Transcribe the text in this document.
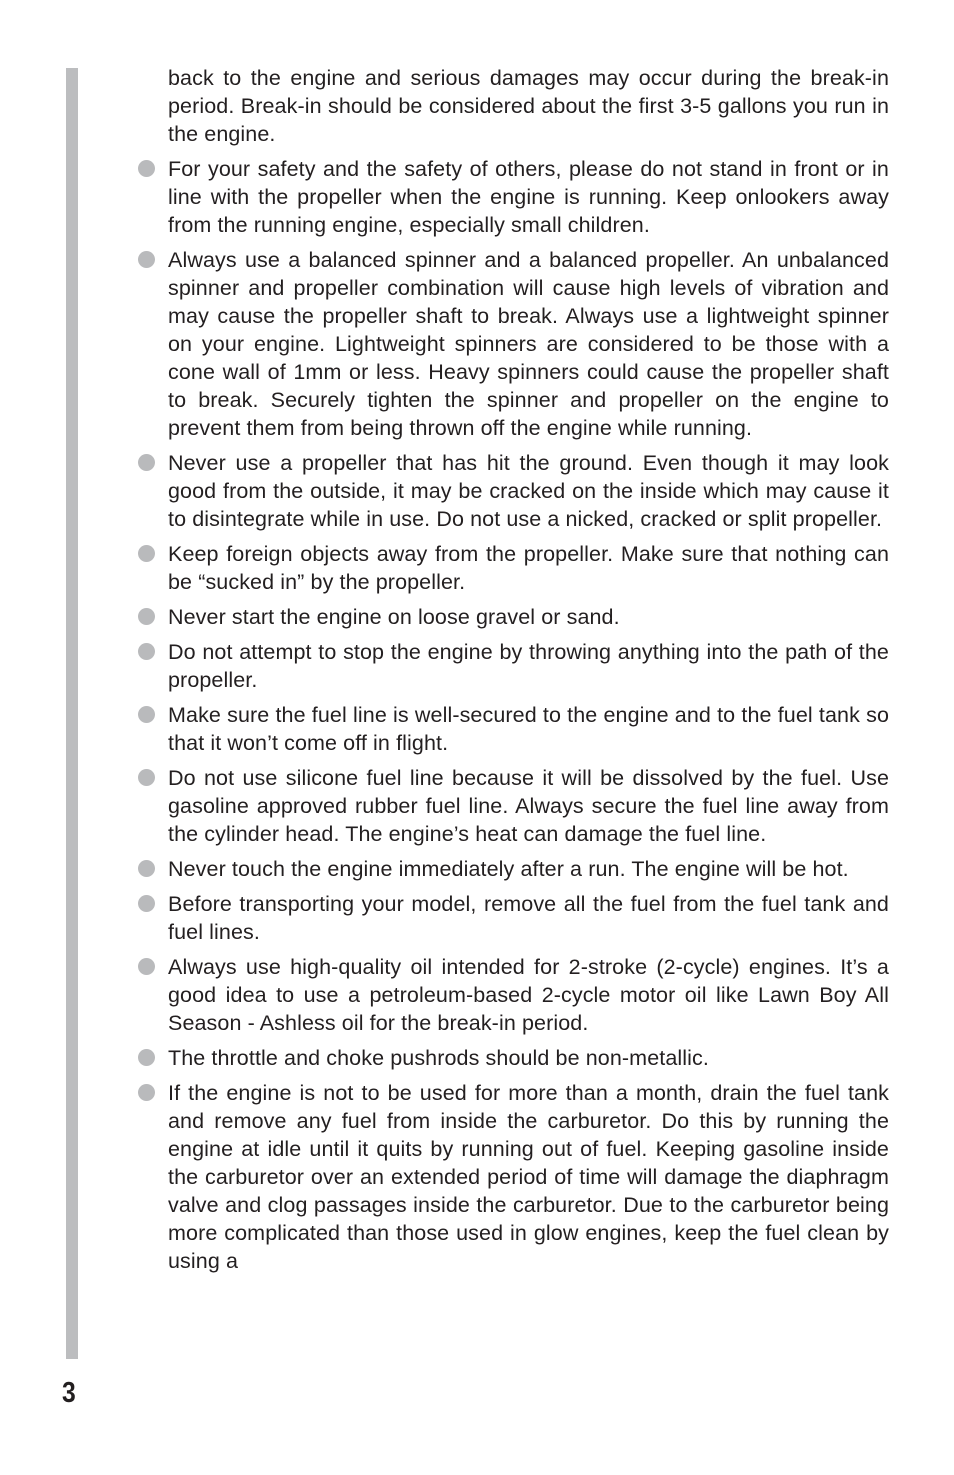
back to the engine and serious damages may occur during the break-in period. Break-in should be considered about the first 3-5 gallons you run in the engine.

For your safety and the safety of others, please do not stand in front or in line with the propeller when the engine is running. Keep onlookers away from the running engine, especially small children.

Always use a balanced spinner and a balanced propeller. An unbalanced spinner and propeller combination will cause high levels of vibration and may cause the propeller shaft to break. Always use a lightweight spinner on your engine. Lightweight spinners are considered to be those with a cone wall of 1mm or less. Heavy spinners could cause the propeller shaft to break. Securely tighten the spinner and propeller on the engine to prevent them from being thrown off the engine while running.

Never use a propeller that has hit the ground. Even though it may look good from the outside, it may be cracked on the inside which may cause it to disintegrate while in use. Do not use a nicked, cracked or split propeller.

Keep foreign objects away from the propeller. Make sure that nothing can be “sucked in” by the propeller.

Never start the engine on loose gravel or sand.

Do not attempt to stop the engine by throwing anything into the path of the propeller.

Make sure the fuel line is well-secured to the engine and to the fuel tank so that it won’t come off in flight.

Do not use silicone fuel line because it will be dissolved by the fuel. Use gasoline approved rubber fuel line. Always secure the fuel line away from the cylinder head. The engine’s heat can damage the fuel line.

Never touch the engine immediately after a run. The engine will be hot.

Before transporting your model, remove all the fuel from the fuel tank and fuel lines.

Always use high-quality oil intended for 2-stroke (2-cycle) engines. It’s a good idea to use a petroleum-based 2-cycle motor oil like Lawn Boy All Season - Ashless oil for the break-in period.

The throttle and choke pushrods should be non-metallic.

If the engine is not to be used for more than a month, drain the fuel tank and remove any fuel from inside the carburetor. Do this by running the engine at idle until it quits by running out of fuel. Keeping gasoline inside the carburetor over an extended period of time will damage the diaphragm valve and clog passages inside the carburetor. Due to the carburetor being more complicated than those used in glow engines, keep the fuel clean by using a

3
